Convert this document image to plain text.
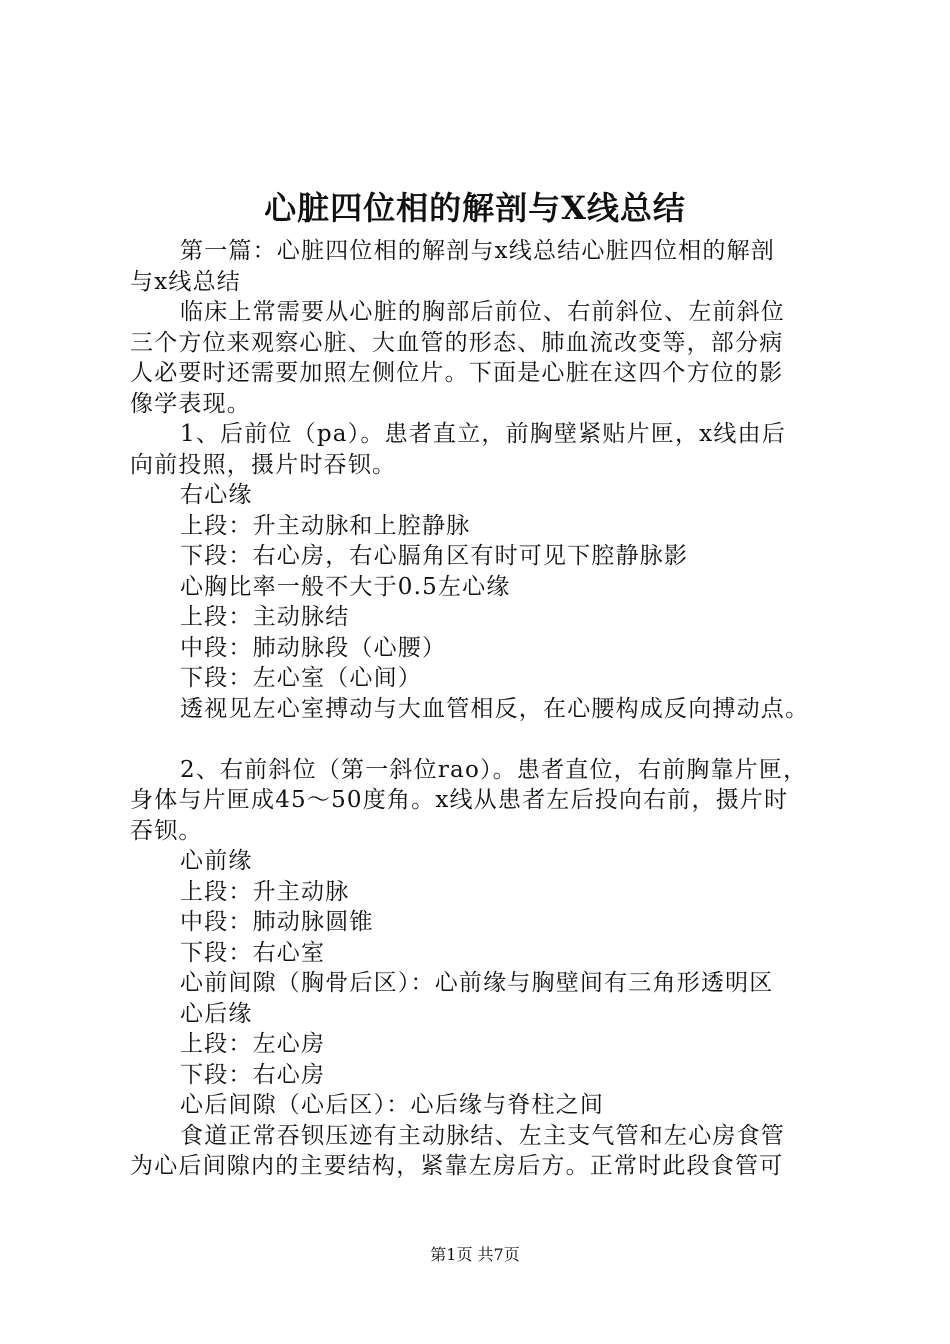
心脏四位相的解剖与X线总结
第一篇：心脏四位相的解剖与x线总结心脏四位相的解剖
与x线总结
临床上常需要从心脏的胸部后前位、右前斜位、左前斜位
三个方位来观察心脏、大血管的形态、肺血流改变等，部分病
人必要时还需要加照左侧位片。下面是心脏在这四个方位的影
像学表现。
1、后前位（pa）。患者直立，前胸壁紧贴片匣，x线由后
向前投照，摄片时吞钡。
右心缘
上段：升主动脉和上腔静脉
下段：右心房，右心膈角区有时可见下腔静脉影
心胸比率一般不大于0.5左心缘
上段：主动脉结
中段：肺动脉段（心腰）
下段：左心室（心间）
透视见左心室搏动与大血管相反，在心腰构成反向搏动点。
2、右前斜位（第一斜位rao）。患者直位，右前胸靠片匣，
身体与片匣成45～50度角。x线从患者左后投向右前，摄片时
吞钡。
心前缘
上段：升主动脉
中段：肺动脉圆锥
下段：右心室
心前间隙（胸骨后区）：心前缘与胸壁间有三角形透明区
心后缘
上段：左心房
下段：右心房
心后间隙（心后区）：心后缘与脊柱之间
食道正常吞钡压迹有主动脉结、左主支气管和左心房食管
为心后间隙内的主要结构，紧靠左房后方。正常时此段食管可
第1页 共7页
